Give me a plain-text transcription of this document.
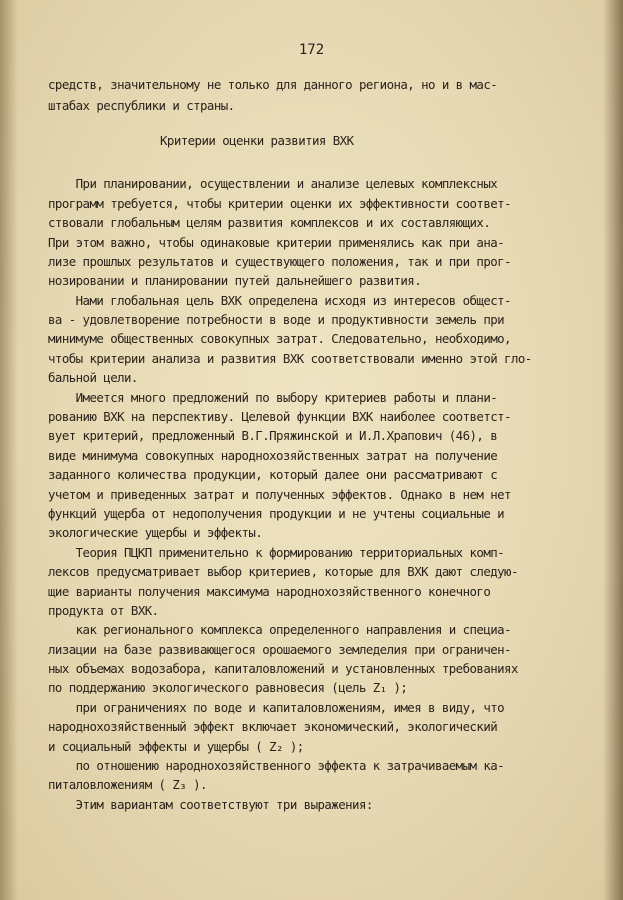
172
средств, значительному не только для данного региона, но и в мас-
штабах республики и страны.
Критерии оценки развития ВХК
При планировании, осуществлении и анализе целевых комплексных
программ требуется, чтобы критерии оценки их эффективности соответ-
ствовали глобальным целям развития комплексов и их составляющих.
При этом важно, чтобы одинаковые критерии применялись как при ана-
лизе прошлых результатов и существующего положения, так и при прог-
нозировании и планировании путей дальнейшего развития.
Нами глобальная цель ВХК определена исходя из интересов общест-
ва - удовлетворение потребности в воде и продуктивности земель при
минимуме общественных совокупных затрат. Следовательно, необходимо,
чтобы критерии анализа и развития ВХК соответствовали именно этой гло-
бальной цели.
Имеется много предложений по выбору критериев работы и плани-
рованию ВХК на перспективу. Целевой функции ВХК наиболее соответст-
вует критерий, предложенный В.Г.Пряжинской и И.Л.Храпович (46), в
виде минимума совокупных народнохозяйственных затрат на получение
заданного количества продукции, который далее они рассматривают с
учетом и приведенных затрат и полученных эффектов. Однако в нем нет
функций ущерба от недополучения продукции и не учтены социальные и
экологические ущербы и эффекты.
Теория ПЦКП применительно к формированию территориальных комп-
лексов предусматривает выбор критериев, которые для ВХК дают следую-
щие варианты получения максимума народнохозяйственного конечного
продукта от ВХК.
как регионального комплекса определенного направления и специа-
лизации на базе развивающегося орошаемого земледелия при ограничен-
ных объемах водозабора, капиталовложений и установленных требованиях
по поддержанию экологического равновесия (цель Z₁ );
при ограничениях по воде и капиталовложениям, имея в виду, что
народнохозяйственный эффект включает экономический, экологический
и социальный эффекты и ущербы ( Z₂ );
по отношению народнохозяйственного эффекта к затрачиваемым ка-
питаловложениям ( Z₃ ).
Этим вариантам соответствуют три выражения:
